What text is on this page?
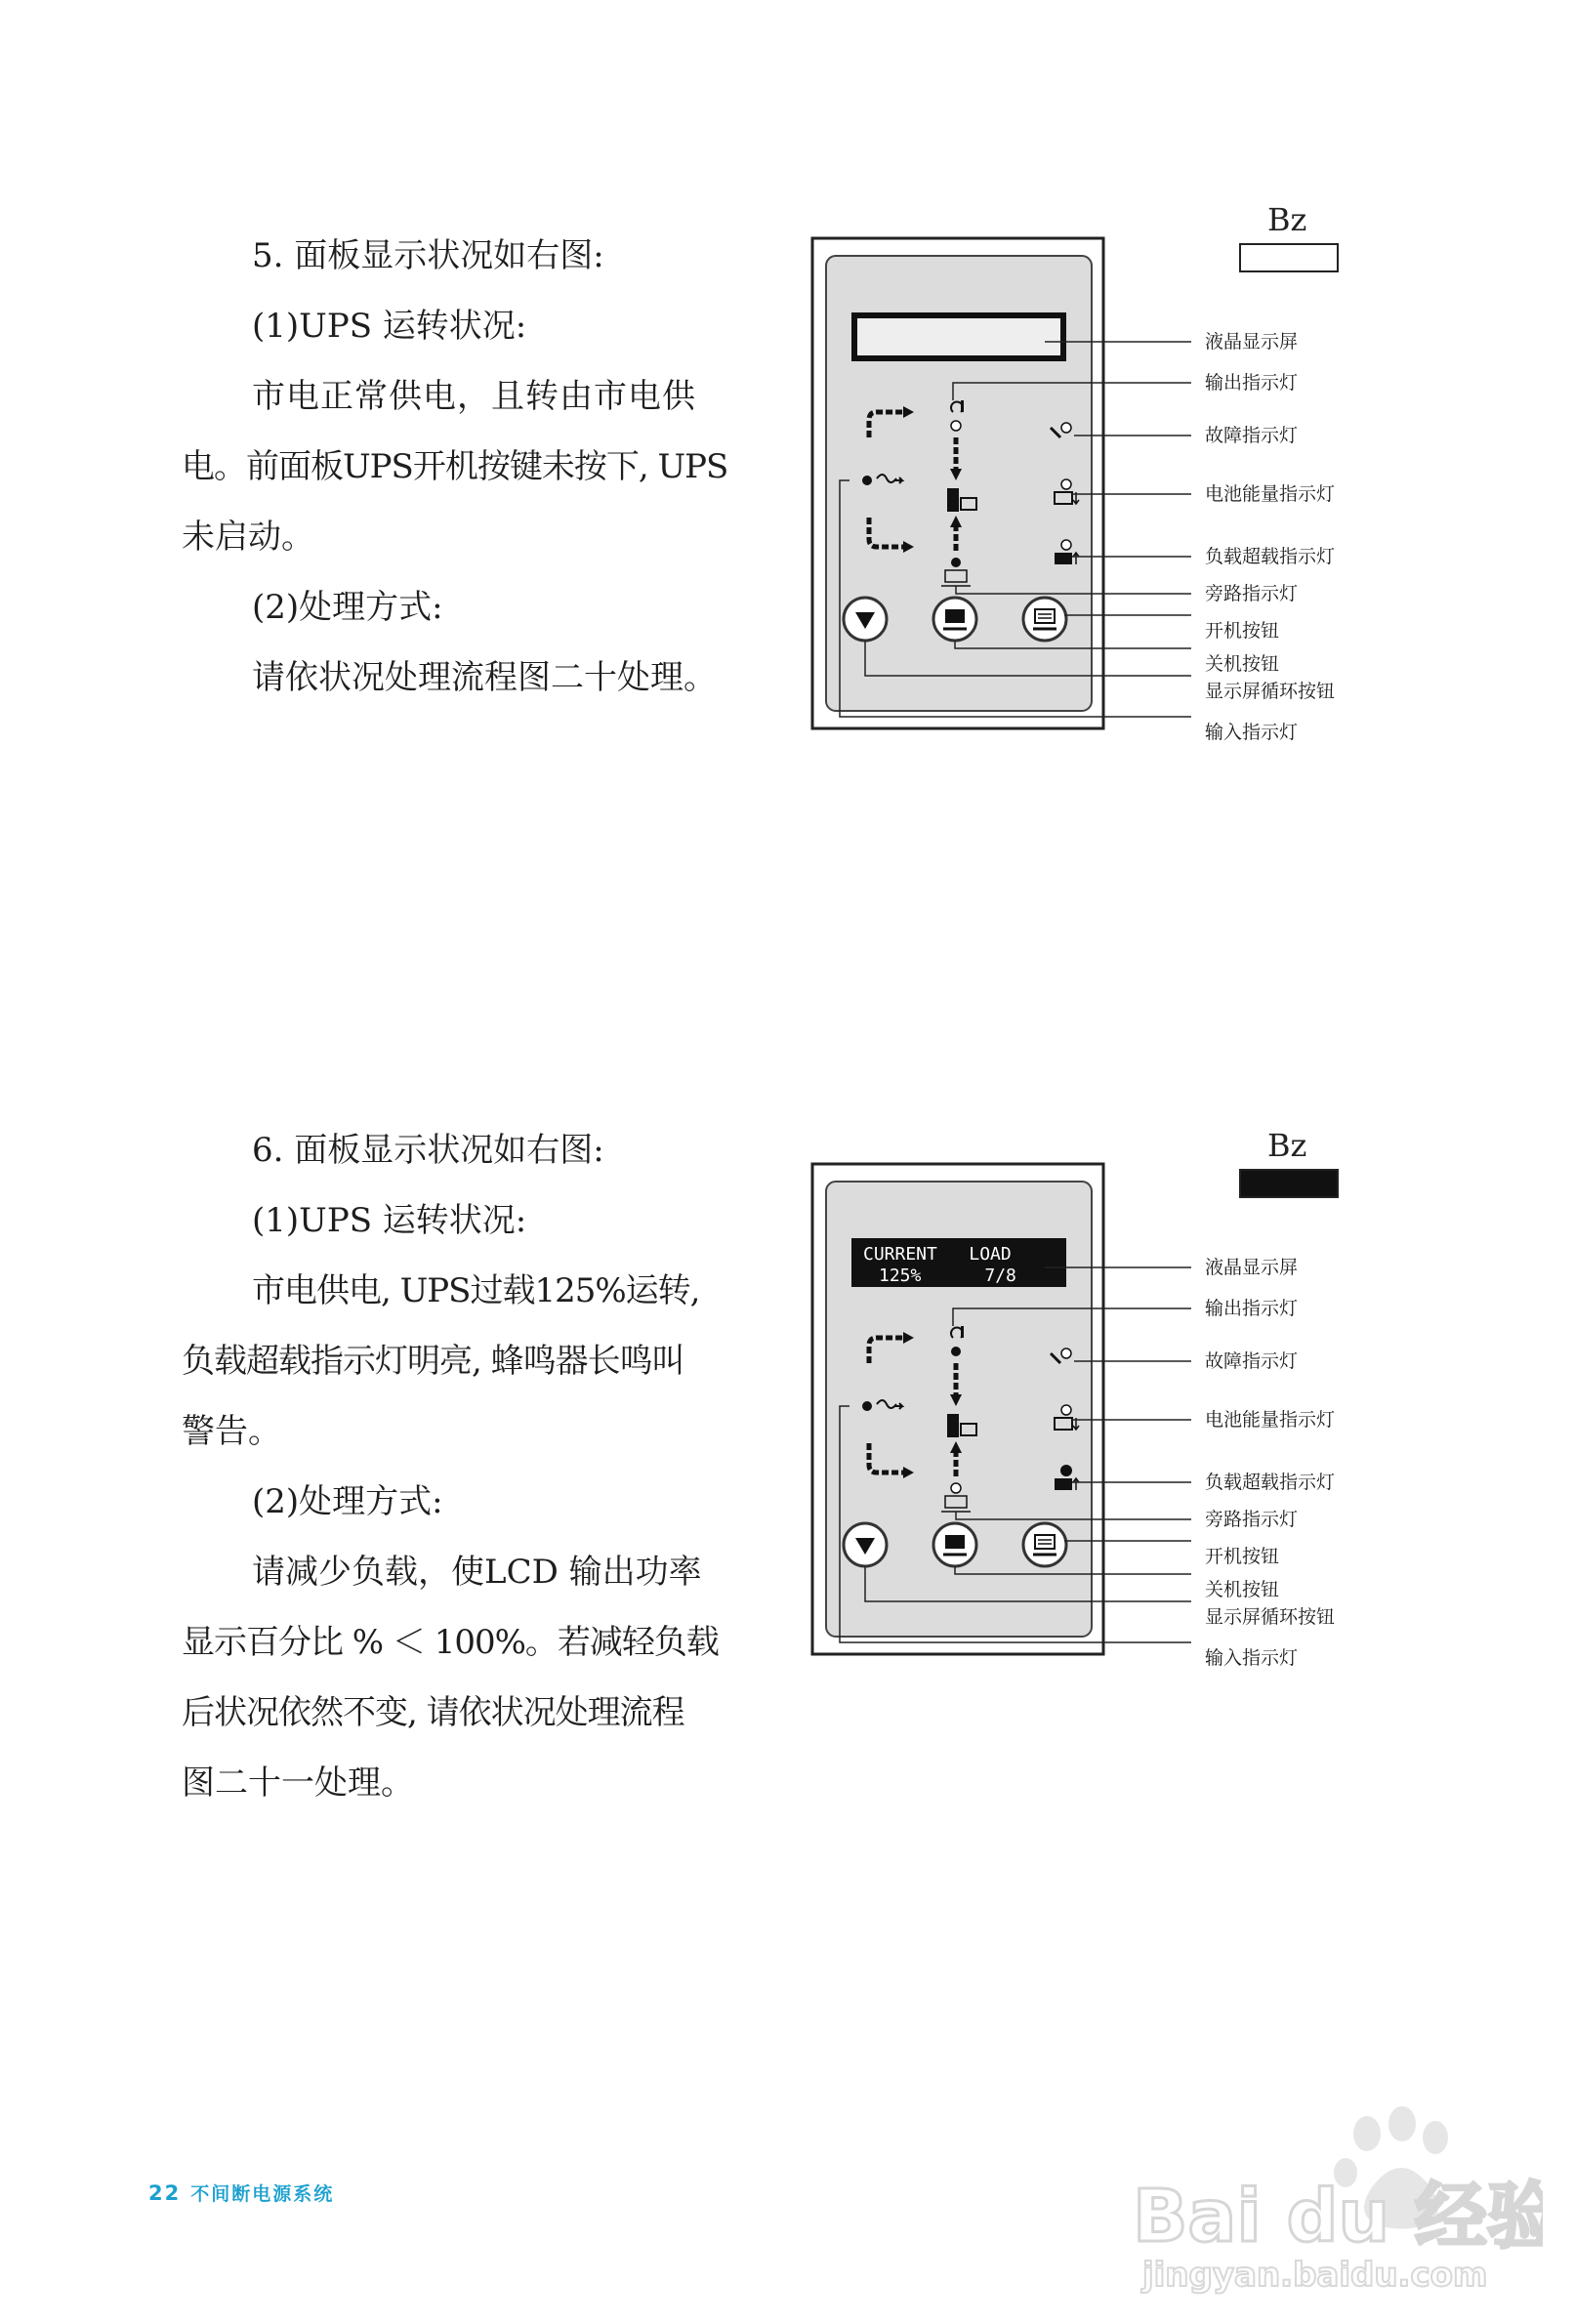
5. 面板显示状况如右图:
(1)UPS 运转状况:
市电正常供电，且转由市电供
电。前面板UPS开机按键未按下, UPS
未启动。
(2)处理方式:
请依状况处理流程图二十处理。
Bz
液晶显示屏
输出指示灯
故障指示灯
电池能量指示灯
负载超载指示灯
旁路指示灯
开机按钮
关机按钮
显示屏循环按钮
输入指示灯
6. 面板显示状况如右图:
(1)UPS 运转状况:
市电供电, UPS过载125%运转,
负载超载指示灯明亮, 蜂鸣器长鸣叫
警告。
(2)处理方式:
请减少负载，使LCD 输出功率
显示百分比 % ＜ 100%。若减轻负载
后状况依然不变, 请依状况处理流程
图二十一处理。
Bz
CURRENT   LOAD
125%      7/8	液晶显示屏
输出指示灯
故障指示灯
电池能量指示灯
负载超载指示灯
旁路指示灯
开机按钮
关机按钮
显示屏循环按钮
输入指示灯
22 不间断电源系统	Bai du 经验
jingyan.baidu.com
